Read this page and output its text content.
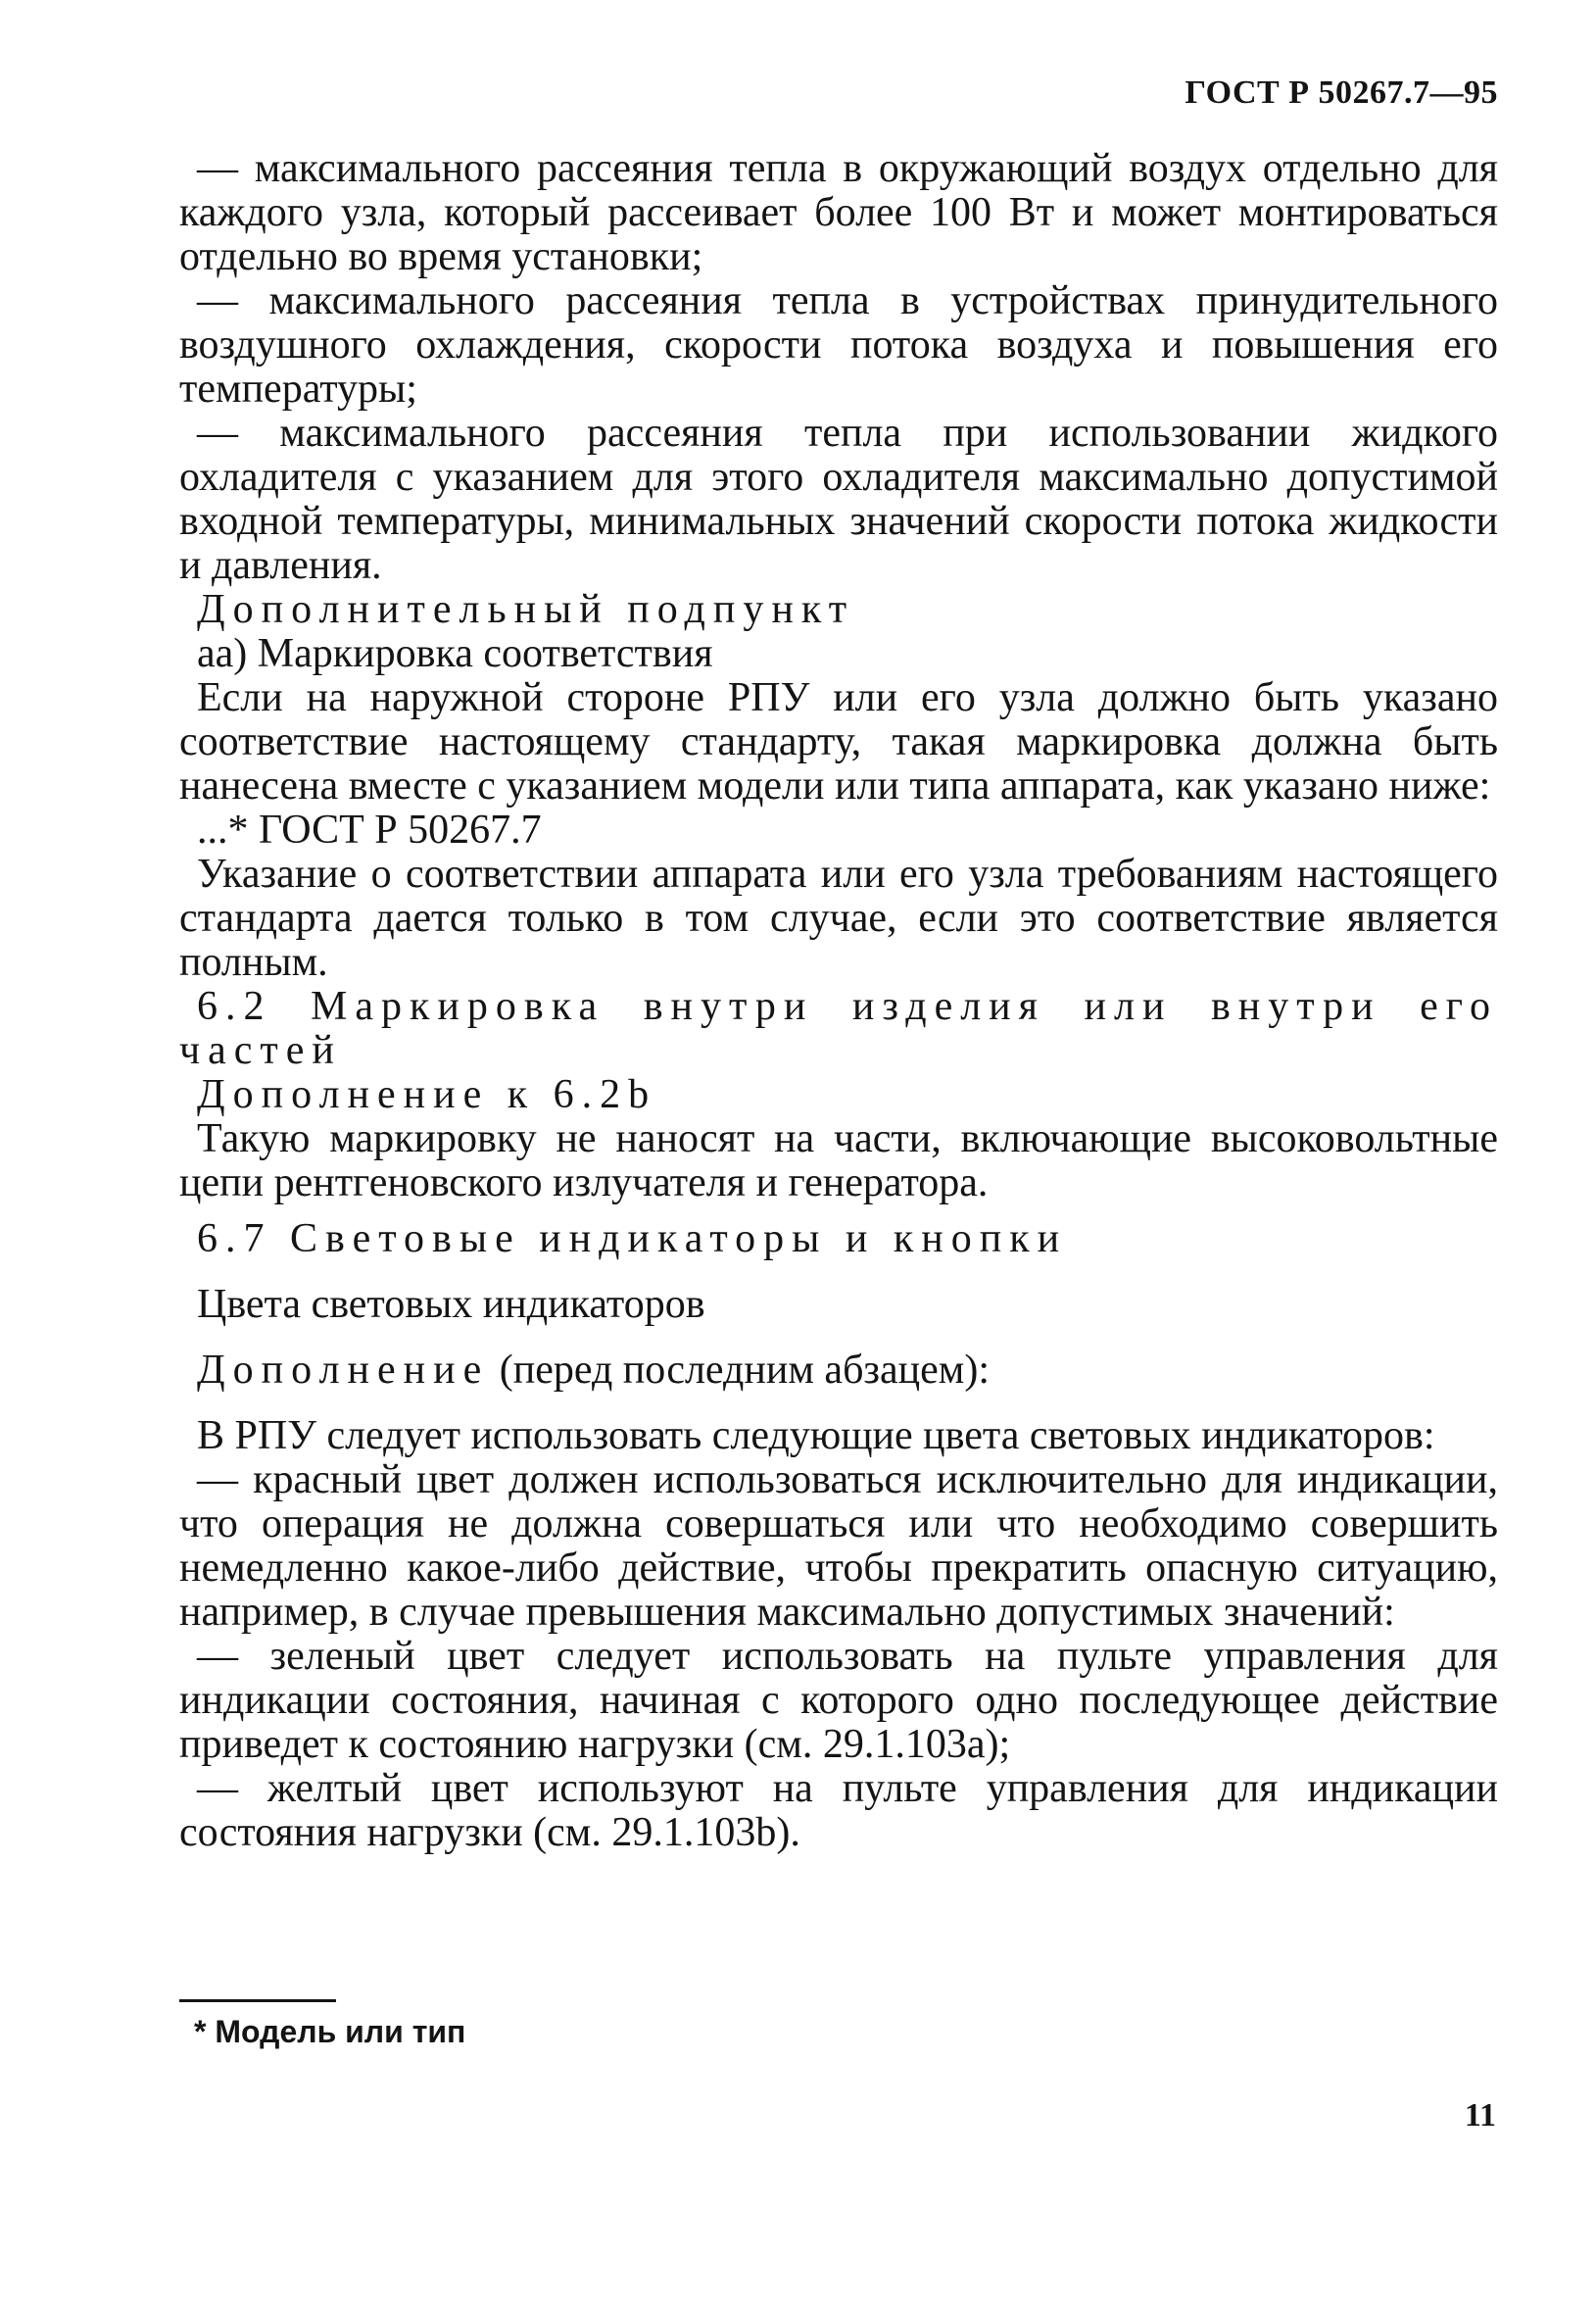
ГОСТ Р 50267.7—95

— максимального рассеяния тепла в окружающий воздух отдельно для каждого узла, который рассеивает более 100 Вт и может монтироваться отдельно во время установки;

— максимального рассеяния тепла в устройствах принудительного воздушного охлаждения, скорости потока воздуха и повышения его температуры;

— максимального рассеяния тепла при использовании жидкого охладителя с указанием для этого охладителя максимально допустимой входной температуры, минимальных значений скорости потока жидкости и давления.

Дополнительный подпункт

аа) Маркировка соответствия

Если на наружной стороне РПУ или его узла должно быть указано соответствие настоящему стандарту, такая маркировка должна быть нанесена вместе с указанием модели или типа аппарата, как указано ниже:

...* ГОСТ Р 50267.7

Указание о соответствии аппарата или его узла требованиям настоящего стандарта дается только в том случае, если это соответствие является полным.

6.2 Маркировка внутри изделия или внутри его частей

Дополнение к 6.2b

Такую маркировку не наносят на части, включающие высоковольтные цепи рентгеновского излучателя и генератора.

6.7 Световые индикаторы и кнопки

Цвета световых индикаторов

Дополнение (перед последним абзацем):

В РПУ следует использовать следующие цвета световых индикаторов:

— красный цвет должен использоваться исключительно для индикации, что операция не должна совершаться или что необходимо совершить немедленно какое-либо действие, чтобы прекратить опасную ситуацию, например, в случае превышения максимально допустимых значений:

— зеленый цвет следует использовать на пульте управления для индикации состояния, начиная с которого одно последующее действие приведет к состоянию нагрузки (см. 29.1.103a);

— желтый цвет используют на пульте управления для индикации состояния нагрузки (см. 29.1.103b).

* Модель или тип
11
